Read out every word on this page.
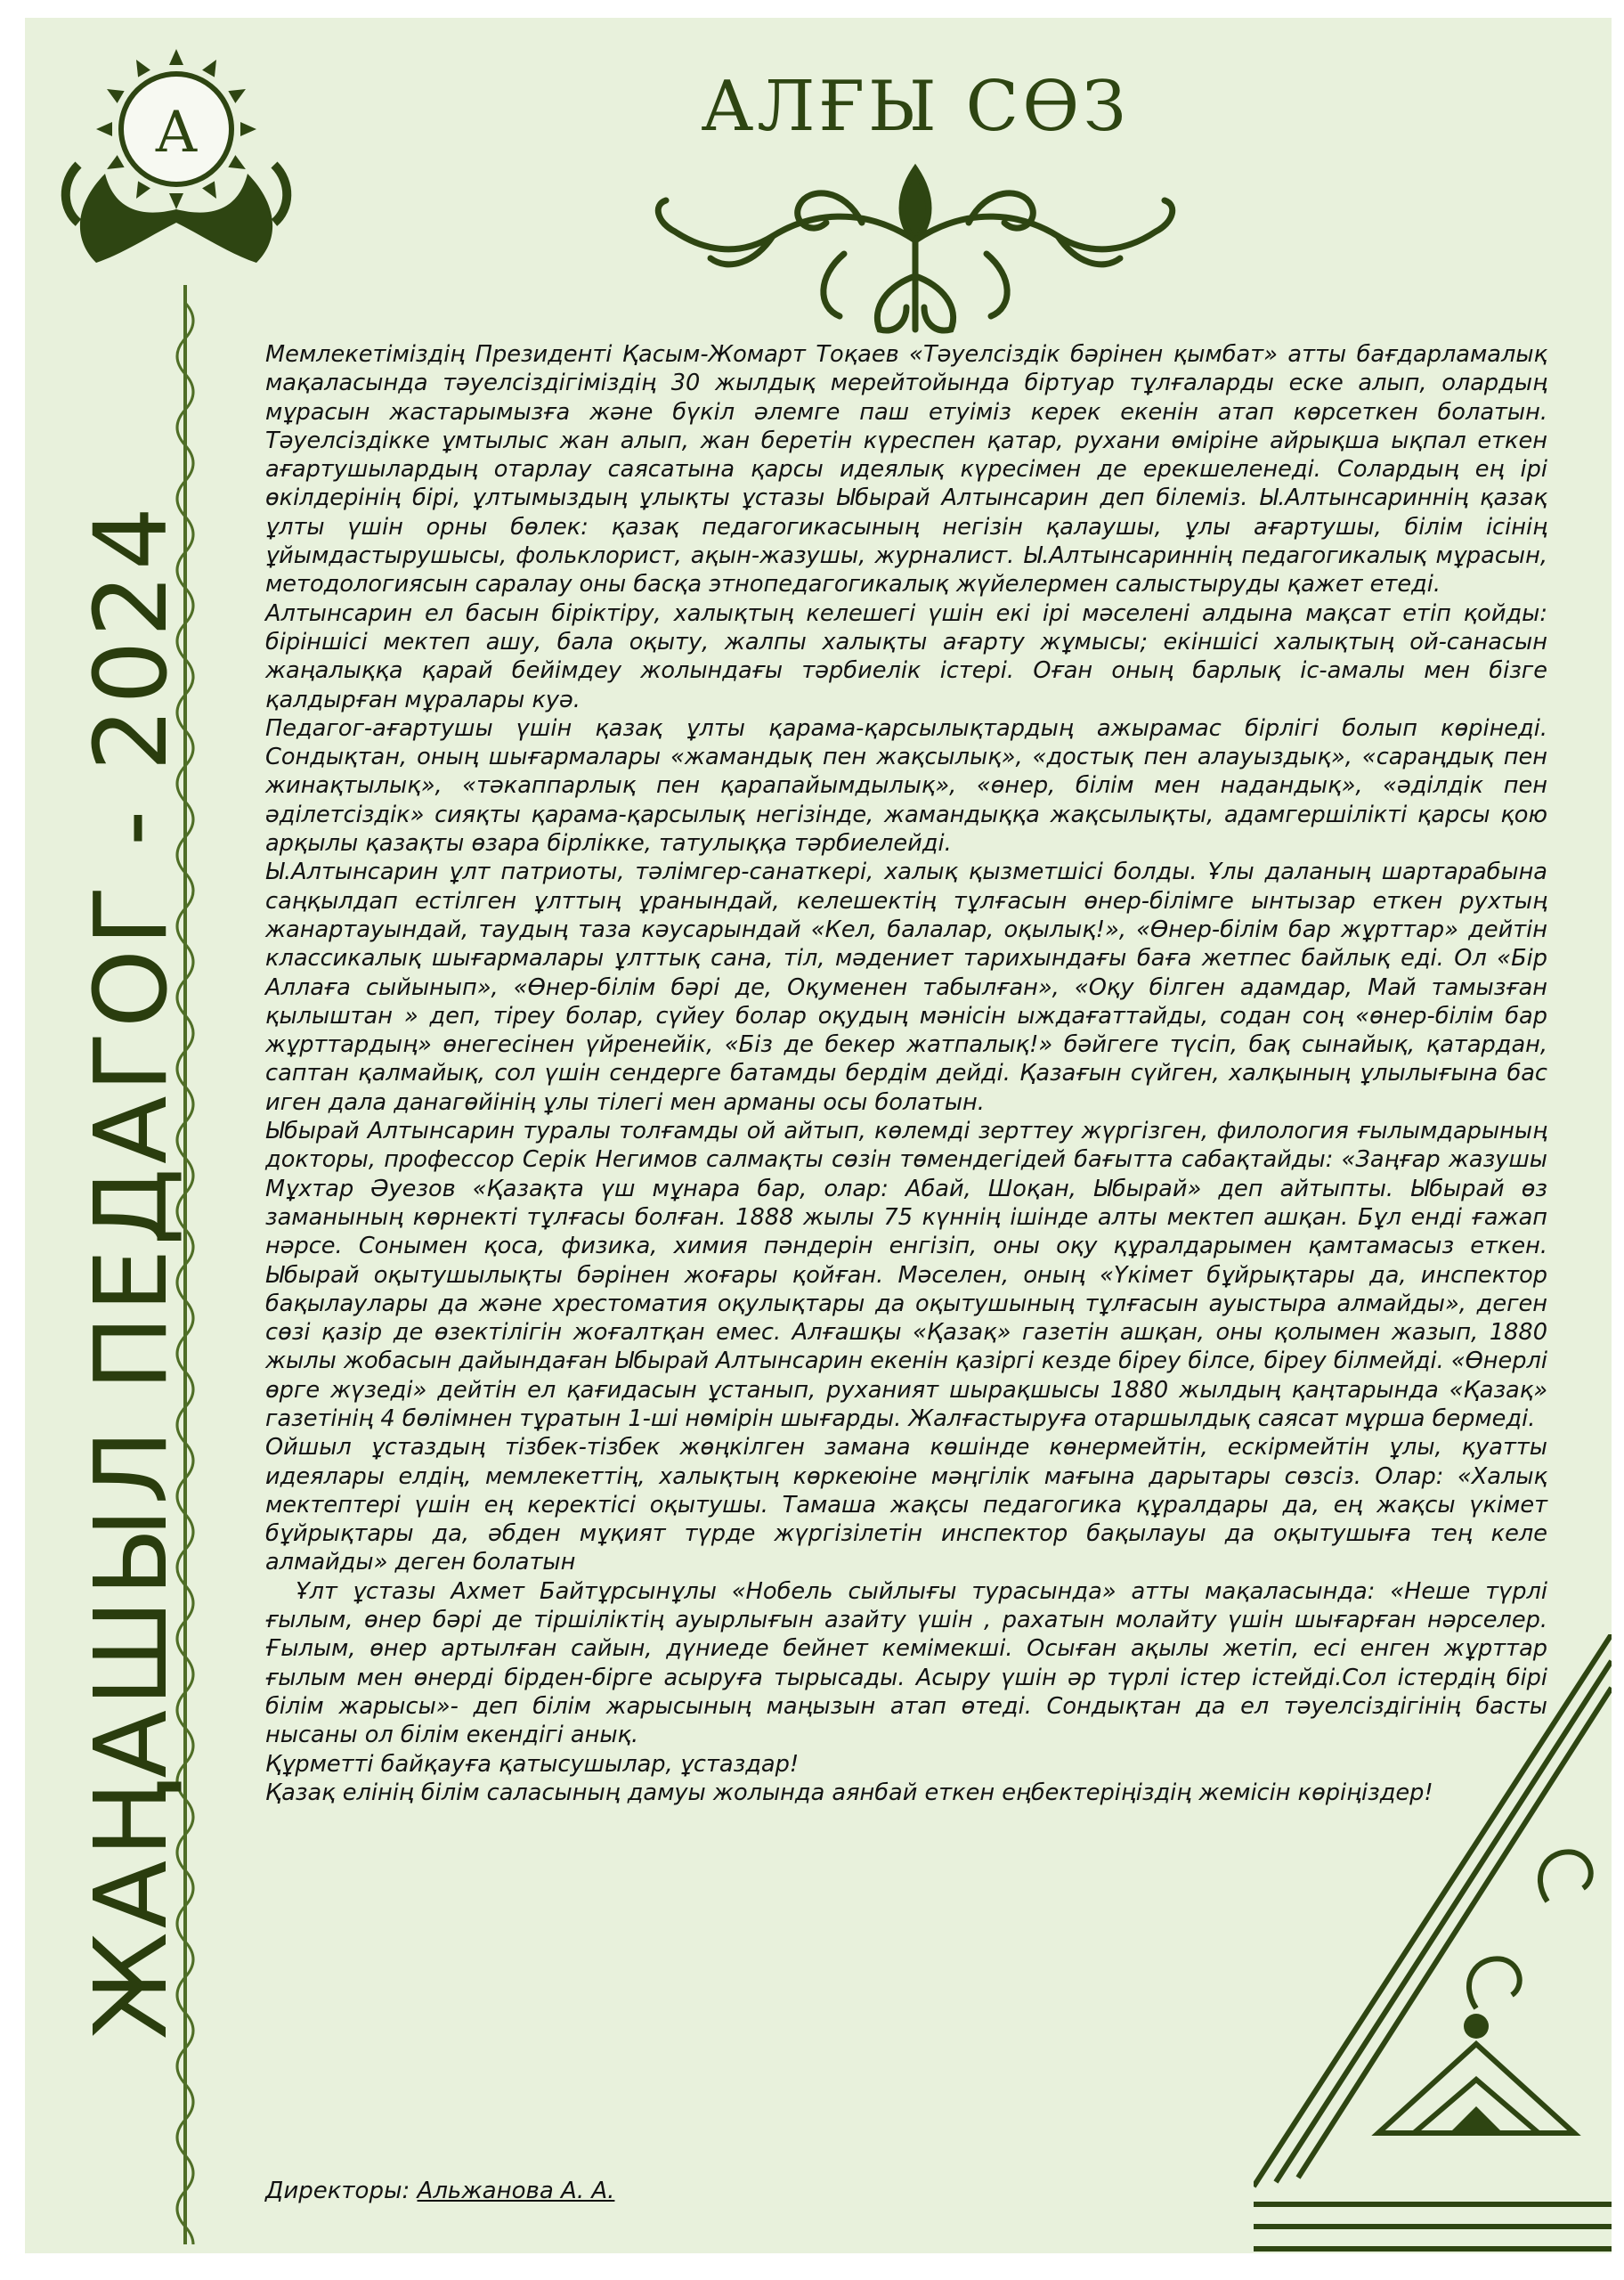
А
ЖАҢАШЫЛ ПЕДАГОГ - 2024
АЛҒЫ СӨЗ

Мемлекетіміздің Президенті Қасым-Жомарт Тоқаев «Тәуелсіздік бәрінен қымбат» атты бағдарламалық мақаласында тәуелсіздігіміздің 30 жылдық мерейтойында біртуар тұлғаларды еске алып, олардың мұрасын жастарымызға және бүкіл әлемге паш етуіміз керек екенін атап көрсеткен болатын. Тәуелсіздікке ұмтылыс жан алып, жан беретін күреспен қатар, рухани өміріне айрықша ықпал еткен ағартушылардың отарлау саясатына қарсы идеялық күресімен де ерекшеленеді. Солардың ең ірі өкілдерінің бірі, ұлтымыздың ұлықты ұстазы Ыбырай Алтынсарин деп білеміз. Ы.Алтынсариннің қазақ ұлты үшін орны бөлек: қазақ педагогикасының негізін қалаушы, ұлы ағартушы, білім ісінің ұйымдастырушысы, фольклорист, ақын-жазушы, журналист. Ы.Алтынсариннің педагогикалық мұрасын, методологиясын саралау оны басқа этнопедагогикалық жүйелермен салыстыруды қажет етеді.

Алтынсарин ел басын біріктіру, халықтың келешегі үшін екі ірі мәселені алдына мақсат етіп қойды: біріншісі мектеп ашу, бала оқыту, жалпы халықты ағарту жұмысы; екіншісі халықтың ой-санасын жаңалыққа қарай бейімдеу жолындағы тәрбиелік істері. Оған оның барлық іс-амалы мен бізге қалдырған мұралары куә.

Педагог-ағартушы үшін қазақ ұлты қарама-қарсылықтардың ажырамас бірлігі болып көрінеді. Сондықтан, оның шығармалары «жамандық пен жақсылық», «достық пен алауыздық», «сараңдық пен жинақтылық», «тәкаппарлық пен қарапайымдылық», «өнер, білім мен надандық», «әділдік пен әділетсіздік» сияқты қарама-қарсылық негізінде, жамандыққа жақсылықты, адамгершілікті қарсы қою арқылы қазақты өзара бірлікке, татулыққа тәрбиелейді.

Ы.Алтынсарин ұлт патриоты, тәлімгер-санаткері, халық қызметшісі болды. Ұлы даланың шартарабына саңқылдап естілген ұлттың ұранындай, келешектің тұлғасын өнер-білімге ынтызар еткен рухтың жанартауындай, таудың таза кәусарындай «Кел, балалар, оқылық!», «Өнер-білім бар жұрттар» дейтін классикалық шығармалары ұлттық сана, тіл, мәдениет тарихындағы баға жетпес байлық еді. Ол «Бір Аллаға сыйынып», «Өнер-білім бәрі де, Оқуменен табылған», «Оқу білген адамдар, Май тамызған қылыштан » деп, тіреу болар, сүйеу болар оқудың мәнісін ыждағаттайды, содан соң «өнер-білім бар жұрттардың» өнегесінен үйренейік, «Біз де бекер жатпалық!» бәйгеге түсіп, бақ сынайық, қатардан, саптан қалмайық, сол үшін сендерге батамды бердім дейді. Қазағын сүйген, халқының ұлылығына бас иген дала данагөйінің ұлы тілегі мен арманы осы болатын.

Ыбырай Алтынсарин туралы толғамды ой айтып, көлемді зерттеу жүргізген, филология ғылымдарының докторы, профессор Серік Негимов салмақты сөзін төмендегідей бағытта сабақтайды: «Заңғар жазушы Мұхтар Әуезов «Қазақта үш мұнара бар, олар: Абай, Шоқан, Ыбырай» деп айтыпты. Ыбырай өз заманының көрнекті тұлғасы болған. 1888 жылы 75 күннің ішінде алты мектеп ашқан. Бұл енді ғажап нәрсе. Сонымен қоса, физика, химия пәндерін енгізіп, оны оқу құралдарымен қамтамасыз еткен. Ыбырай оқытушылықты бәрінен жоғары қойған. Мәселен, оның «Үкімет бұйрықтары да, инспектор бақылаулары да және хрестоматия оқулықтары да оқытушының тұлғасын ауыстыра алмайды», деген сөзі қазір де өзектілігін жоғалтқан емес. Алғашқы «Қазақ» газетін ашқан, оны қолымен жазып, 1880 жылы жобасын дайындаған Ыбырай Алтынсарин екенін қазіргі кезде біреу білсе, біреу білмейді. «Өнерлі өрге жүзеді» дейтін ел қағидасын ұстанып, руханият шырақшысы 1880 жылдың қаңтарында «Қазақ» газетінің 4 бөлімнен тұратын 1-ші нөмірін шығарды. Жалғастыруға отаршылдық саясат мұрша бермеді.

Ойшыл ұстаздың тізбек-тізбек жөңкілген замана көшінде көнермейтін, ескірмейтін ұлы, қуатты идеялары елдің, мемлекеттің, халықтың көркеюіне мәңгілік мағына дарытары сөзсіз. Олар: «Халық мектептері үшін ең керектісі оқытушы. Тамаша жақсы педагогика құралдары да, ең жақсы үкімет бұйрықтары да, әбден мұқият түрде жүргізілетін инспектор бақылауы да оқытушыға тең келе алмайды» деген болатын

Ұлт ұстазы Ахмет Байтұрсынұлы «Нобель сыйлығы турасында» атты мақаласында: «Неше түрлі ғылым, өнер бәрі де тіршіліктің ауырлығын азайту үшін , рахатын молайту үшін шығарған нәрселер. Ғылым, өнер артылған сайын, дүниеде бейнет кемімекші. Осыған ақылы жетіп, есі енген жұрттар ғылым мен өнерді бірден-бірге асыруға тырысады. Асыру үшін әр түрлі істер істейді.Сол істердің бірі білім жарысы»- деп білім жарысының маңызын атап өтеді. Сондықтан да ел тәуелсіздігінің басты нысаны ол білім екендігі анық.

Құрметті байқауға қатысушылар, ұстаздар!

Қазақ елінің білім саласының дамуы жолында аянбай еткен еңбектеріңіздің жемісін көріңіздер!

Директоры: Альжанова А. А.
